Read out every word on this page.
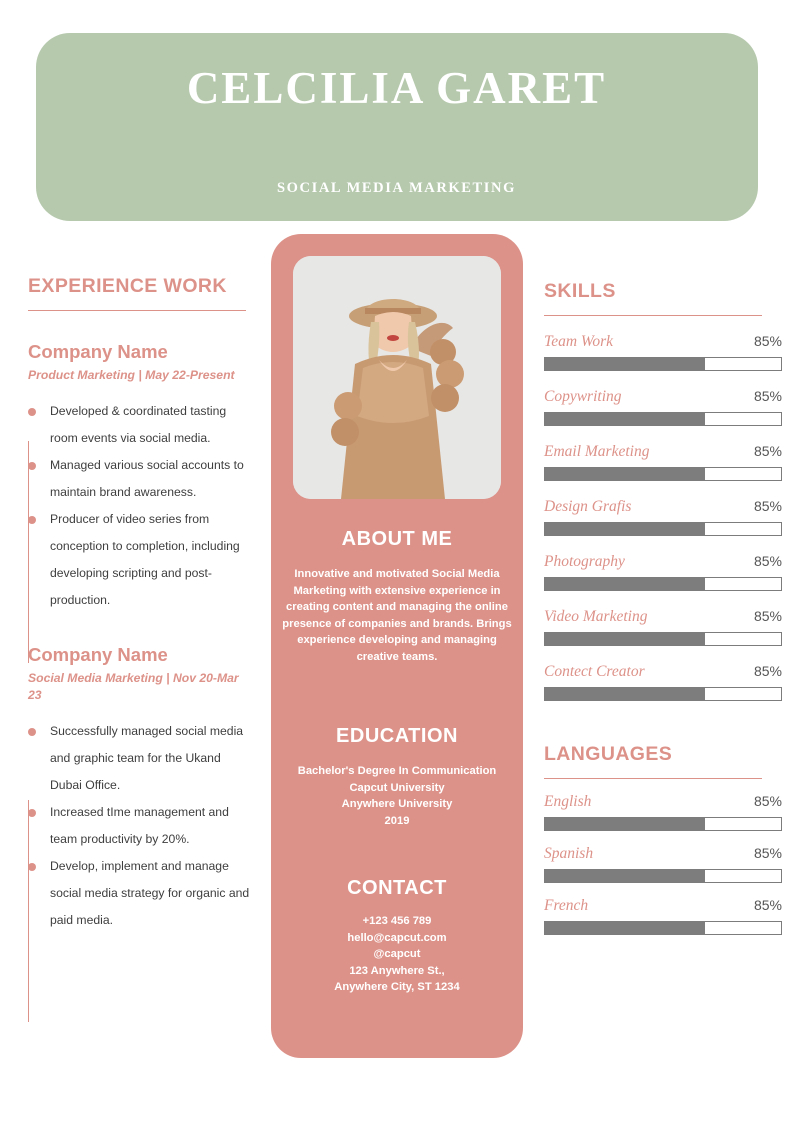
CELCILIA GARET
SOCIAL MEDIA MARKETING
ABOUT ME
Innovative and motivated Social Media Marketing with extensive experience in creating content and managing the online presence of companies and brands. Brings experience developing and managing creative teams.
EDUCATION
Bachelor's Degree In Communication
Capcut University
Anywhere University
2019
CONTACT
+123 456 789
hello@capcut.com
@capcut
123 Anywhere St.,
Anywhere City, ST 1234
EXPERIENCE WORK
Company Name
Product Marketing | May 22-Present
Developed & coordinated tasting room events via social media.
Managed various social accounts to maintain brand awareness.
Producer of video series from conception to completion, including developing scripting and post-production.
Company Name
Social Media Marketing | Nov 20-Mar 23
Successfully managed social media and graphic team for the Ukand Dubai Office.
Increased tIme management and team productivity by 20%.
Develop, implement and manage social media strategy for organic and paid media.
SKILLS
Team Work	85%
Copywriting	85%
Email Marketing	85%
Design Grafis	85%
Photography	85%
Video Marketing	85%
Contect Creator	85%
LANGUAGES
English	85%
Spanish	85%
French	85%
